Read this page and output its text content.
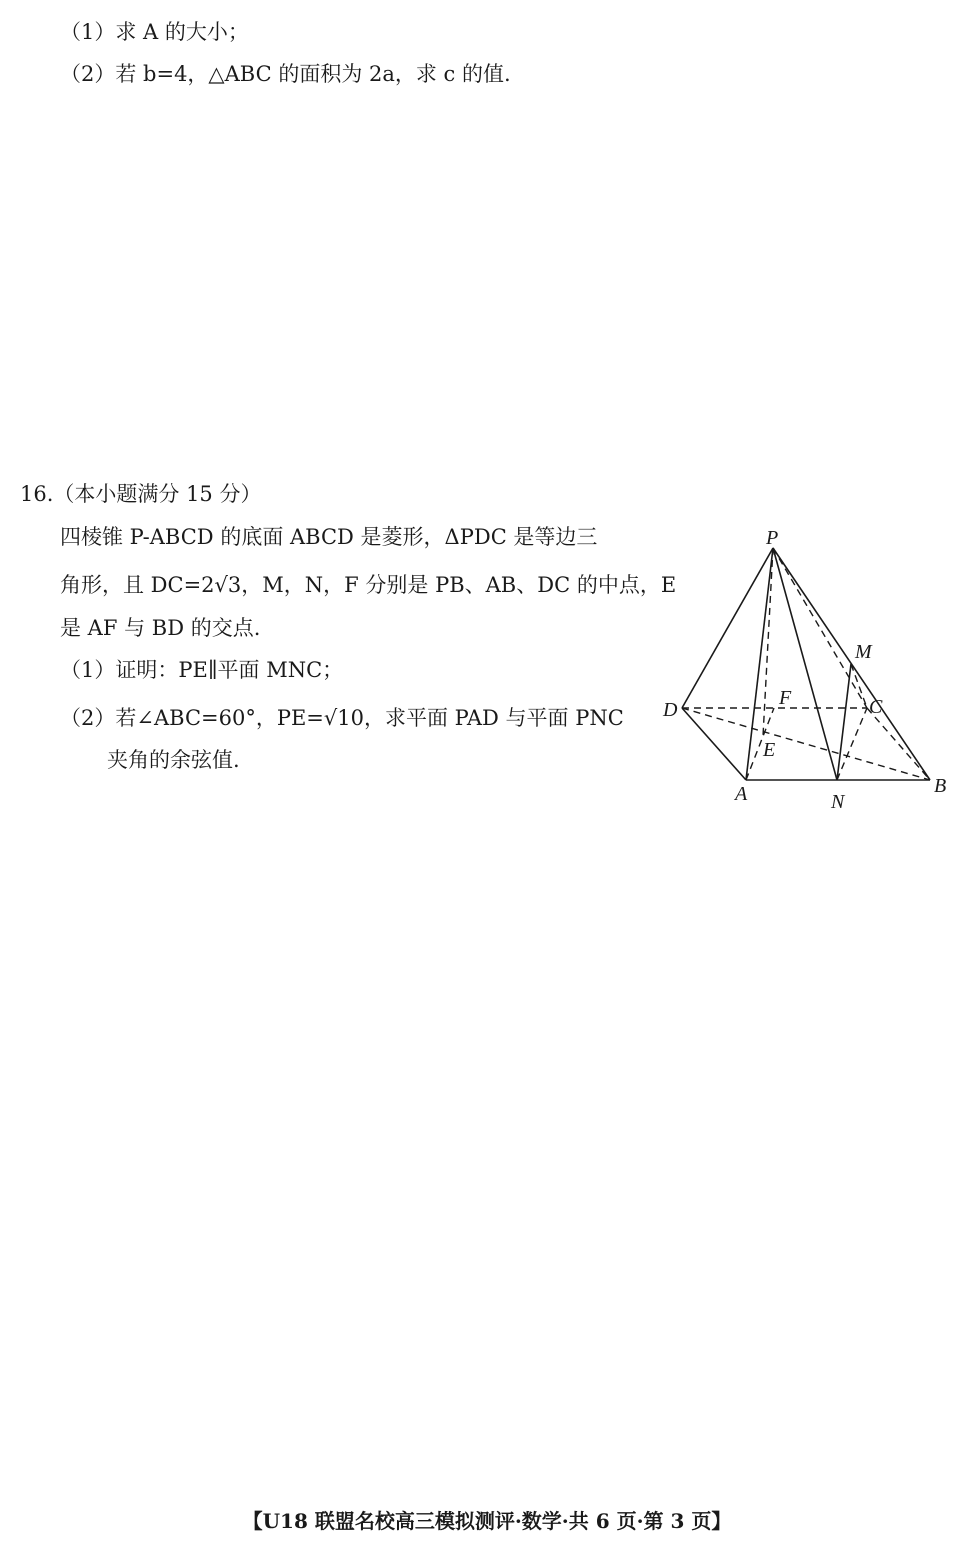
（1）求 A 的大小；
（2）若 b=4，△ABC 的面积为 2a，求 c 的值.
16.（本小题满分 15 分）
四棱锥 P-ABCD 的底面 ABCD 是菱形，ΔPDC 是等边三
角形，且 DC=2√3，M，N，F 分别是 PB、AB、DC 的中点，E
是 AF 与 BD 的交点.
（1）证明：PE∥平面 MNC；
（2）若∠ABC=60°，PE=√10，求平面 PAD 与平面 PNC
夹角的余弦值.
P
M
F	C
D
E
A	N
B
【U18 联盟名校高三模拟测评·数学·共 6 页·第 3 页】
